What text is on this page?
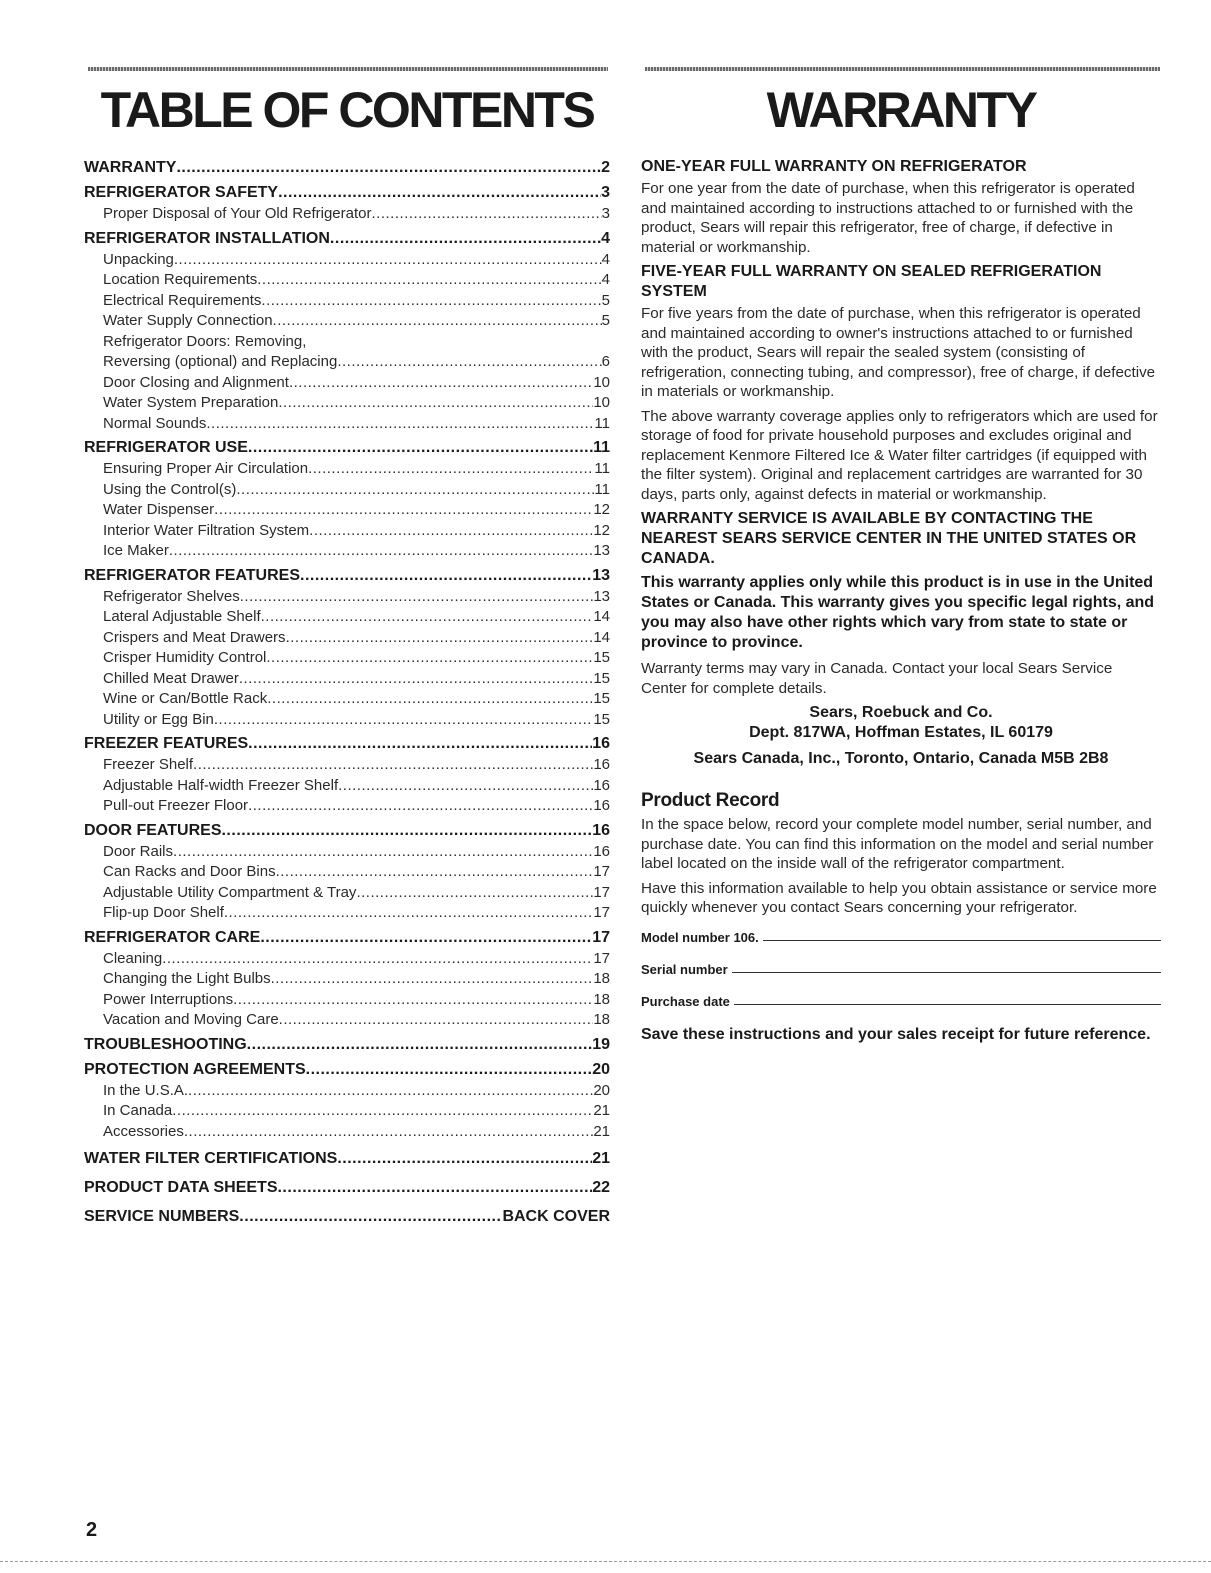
TABLE OF CONTENTS
WARRANTY .....	2
REFRIGERATOR SAFETY .....	3
Proper Disposal of Your Old Refrigerator .....	3
REFRIGERATOR INSTALLATION .....	4
Unpacking .....	4
Location Requirements .....	4
Electrical Requirements .....	5
Water Supply Connection .....	5
Refrigerator Doors: Removing,
Reversing (optional) and Replacing .....	6
Door Closing and Alignment .....	10
Water System Preparation .....	10
Normal Sounds .....	11
REFRIGERATOR USE .....	11
Ensuring Proper Air Circulation .....	11
Using the Control(s) .....	11
Water Dispenser .....	12
Interior Water Filtration System .....	12
Ice Maker .....	13
REFRIGERATOR FEATURES .....	13
Refrigerator Shelves .....	13
Lateral Adjustable Shelf .....	14
Crispers and Meat Drawers .....	14
Crisper Humidity Control .....	15
Chilled Meat Drawer .....	15
Wine or Can/Bottle Rack .....	15
Utility or Egg Bin .....	15
FREEZER FEATURES .....	16
Freezer Shelf .....	16
Adjustable Half-width Freezer Shelf .....	16
Pull-out Freezer Floor .....	16
DOOR FEATURES .....	16
Door Rails .....	16
Can Racks and Door Bins .....	17
Adjustable Utility Compartment & Tray .....	17
Flip-up Door Shelf .....	17
REFRIGERATOR CARE .....	17
Cleaning .....	17
Changing the Light Bulbs .....	18
Power Interruptions .....	18
Vacation and Moving Care .....	18
TROUBLESHOOTING .....	19
PROTECTION AGREEMENTS .....	20
In the U.S.A. .....	20
In Canada .....	21
Accessories .....	21
WATER FILTER CERTIFICATIONS .....	21
PRODUCT DATA SHEETS .....	22
SERVICE NUMBERS .....	BACK COVER
WARRANTY

ONE-YEAR FULL WARRANTY ON REFRIGERATOR

For one year from the date of purchase, when this refrigerator is operated and maintained according to instructions attached to or furnished with the product, Sears will repair this refrigerator, free of charge, if defective in material or workmanship.

FIVE-YEAR FULL WARRANTY ON SEALED REFRIGERATION SYSTEM

For five years from the date of purchase, when this refrigerator is operated and maintained according to owner's instructions attached to or furnished with the product, Sears will repair the sealed system (consisting of refrigeration, connecting tubing, and compressor), free of charge, if defective in materials or workmanship.

The above warranty coverage applies only to refrigerators which are used for storage of food for private household purposes and excludes original and replacement Kenmore Filtered Ice & Water filter cartridges (if equipped with the filter system). Original and replacement cartridges are warranted for 30 days, parts only, against defects in material or workmanship.

WARRANTY SERVICE IS AVAILABLE BY CONTACTING THE NEAREST SEARS SERVICE CENTER IN THE UNITED STATES OR CANADA.

This warranty applies only while this product is in use in the United States or Canada. This warranty gives you specific legal rights, and you may also have other rights which vary from state to state or province to province.

Warranty terms may vary in Canada. Contact your local Sears Service Center for complete details.

Sears, Roebuck and Co.

Dept. 817WA, Hoffman Estates, IL 60179

Sears Canada, Inc., Toronto, Ontario, Canada M5B 2B8

Product Record

In the space below, record your complete model number, serial number, and purchase date. You can find this information on the model and serial number label located on the inside wall of the refrigerator compartment.

Have this information available to help you obtain assistance or service more quickly whenever you contact Sears concerning your refrigerator.

Model number 106.
Serial number
Purchase date

Save these instructions and your sales receipt for future reference.

2
